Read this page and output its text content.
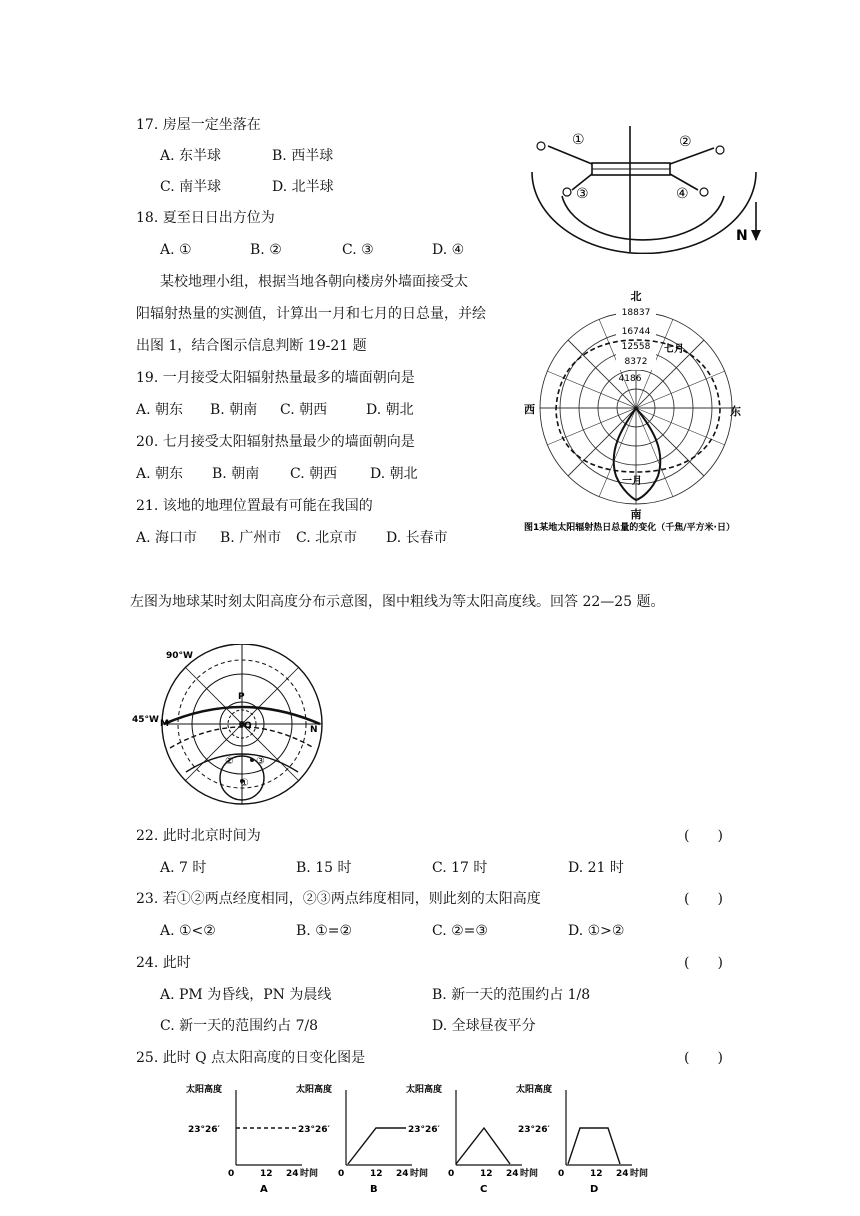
17. 房屋一定坐落在
A. 东半球	B. 西半球
C. 南半球	D. 北半球
18. 夏至日日出方位为
A. ①	B. ②	C. ③	D. ④
某校地理小组，根据当地各朝向楼房外墙面接受太
阳辐射热量的实测值，计算出一月和七月的日总量，并绘
出图 1，结合图示信息判断 19-21 题
19. 一月接受太阳辐射热量最多的墙面朝向是
A. 朝东 B. 朝南 C. 朝西	D. 朝北
20. 七月接受太阳辐射热量最少的墙面朝向是
A. 朝东 B. 朝南 C. 朝西 D. 朝北
21. 该地的地理位置最有可能在我国的
A. 海口市 B. 广州市 C. 北京市 D. 长春市
左图为地球某时刻太阳高度分布示意图，图中粗线为等太阳高度线。回答 22—25 题。
22. 此时北京时间为	(　　)
A. 7 时	B. 15 时	C. 17 时	D. 21 时
23. 若①②两点经度相同，②③两点纬度相同，则此刻的太阳高度	(　　)
A. ①<②	B. ①=②	C. ②=③	D. ①>②
24. 此时	(　　)
A. PM 为昏线，PN 为晨线	B. 新一天的范围约占 1/8
C. 新一天的范围约占 7/8	D. 全球昼夜平分
25. 此时 Q 点太阳高度的日变化图是	(　　)
①	②
③	④
N
北
南
西	东
18837
16744
12558
8372
4186
七月
一月
图1某地太阳辐射热日总量的变化（千焦/平方米·日）
90°W
45°W
P
M
N
Q
② ③
①
太阳高度
23°26′
0	12 24 时间
A
太阳高度
23°26′
0	12 24 时间
B
太阳高度
23°26′
0	12 24 时间
C
太阳高度
23°26′
0	12 24 时间
D
